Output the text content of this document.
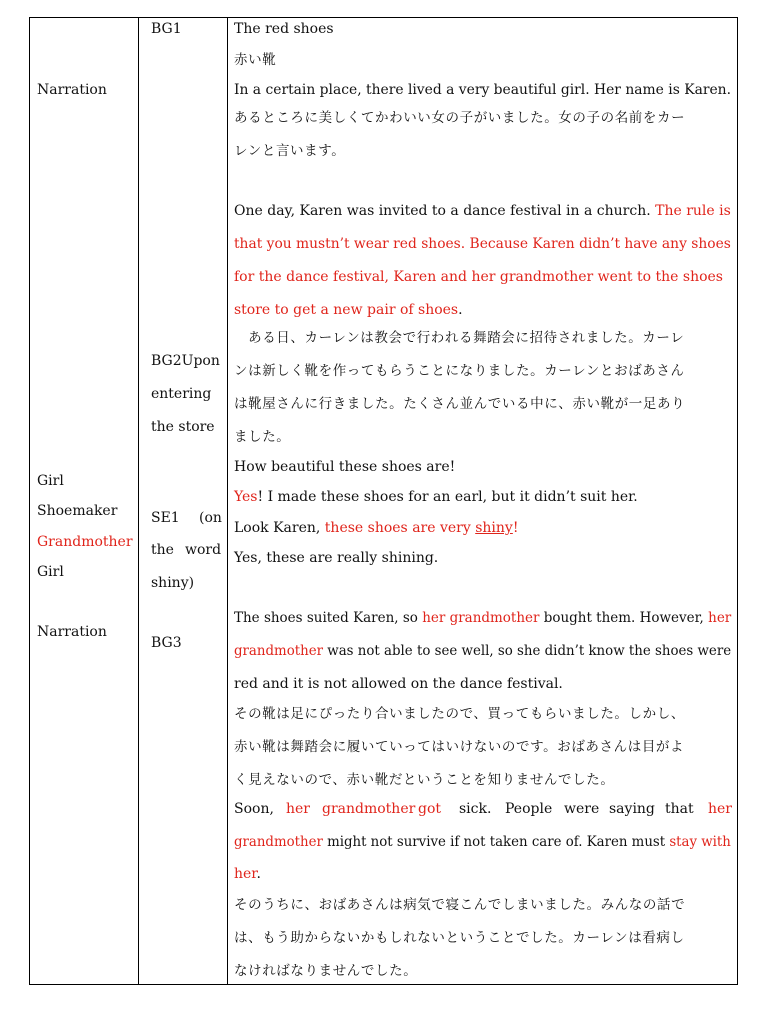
Narration
Girl
Shoemaker
Grandmother
Girl
Narration
BG1
BG2Upon
entering
the store
SE1 (on
the word
shiny)
BG3
The red shoes
赤い靴
In a certain place, there lived a very beautiful girl. Her name is Karen.
あるところに美しくてかわいい女の子がいました。女の子の名前をカー
レンと言います。
One day, Karen was invited to a dance festival in a church. The rule is
that you mustn’t wear red shoes. Because Karen didn’t have any shoes
for the dance festival, Karen and her grandmother went to the shoes
store to get a new pair of shoes.
　ある日、カーレンは教会で行われる舞踏会に招待されました。カーレ
ンは新しく靴を作ってもらうことになりました。カーレンとおばあさん
は靴屋さんに行きました。たくさん並んでいる中に、赤い靴が一足あり
ました。
How beautiful these shoes are!
Yes! I made these shoes for an earl, but it didn’t suit her.
Look Karen, these shoes are very shiny!
Yes, these are really shining.
The shoes suited Karen, so her grandmother bought them. However, her
grandmother was not able to see well, so she didn’t know the shoes were
red and it is not allowed on the dance festival.
その靴は足にぴったり合いましたので、買ってもらいました。しかし、
赤い靴は舞踏会に履いていってはいけないのです。おばあさんは目がよ
く見えないので、赤い靴だということを知りませんでした。
Soon, her grandmother got sick. People were saying that her
grandmother might not survive if not taken care of. Karen must stay with
her.
そのうちに、おばあさんは病気で寝こんでしまいました。みんなの話で
は、もう助からないかもしれないということでした。カーレンは看病し
なければなりませんでした。
